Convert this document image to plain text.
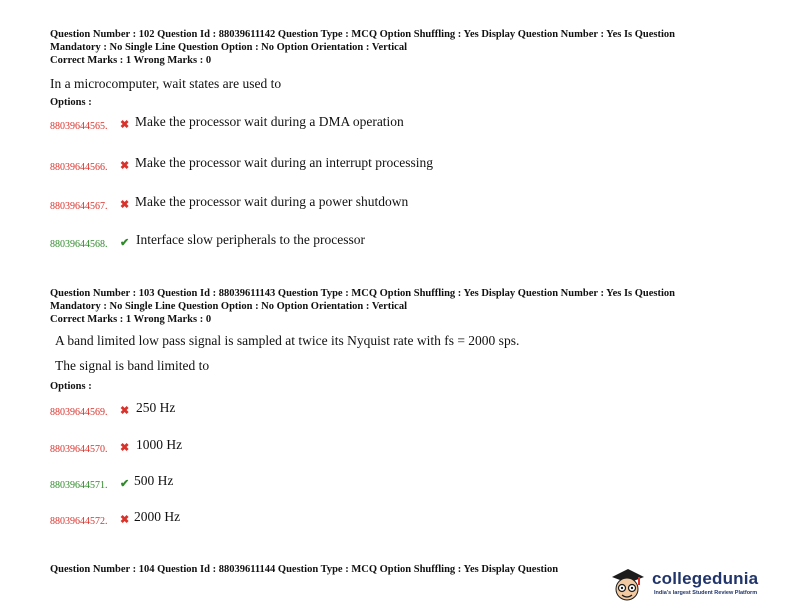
Question Number : 102 Question Id : 88039611142 Question Type : MCQ Option Shuffling : Yes Display Question Number : Yes Is Question
Mandatory : No Single Line Question Option : No Option Orientation : Vertical
Correct Marks : 1 Wrong Marks : 0
In a microcomputer, wait states are used to
Options :
88039644565. ✖ Make the processor wait during a DMA operation
88039644566. ✖ Make the processor wait during an interrupt processing
88039644567. ✖ Make the processor wait during a power shutdown
88039644568. ✔ Interface slow peripherals to the processor
Question Number : 103 Question Id : 88039611143 Question Type : MCQ Option Shuffling : Yes Display Question Number : Yes Is Question
Mandatory : No Single Line Question Option : No Option Orientation : Vertical
Correct Marks : 1 Wrong Marks : 0
A band limited low pass signal is sampled at twice its Nyquist rate with fs = 2000 sps.
The signal is band limited to
Options :
88039644569. ✖ 250 Hz
88039644570. ✖ 1000 Hz
88039644571. ✔ 500 Hz
88039644572. ✖ 2000 Hz
Question Number : 104 Question Id : 88039611144 Question Type : MCQ Option Shuffling : Yes Display Question	collegedunia
India's largest Student Review Platform
